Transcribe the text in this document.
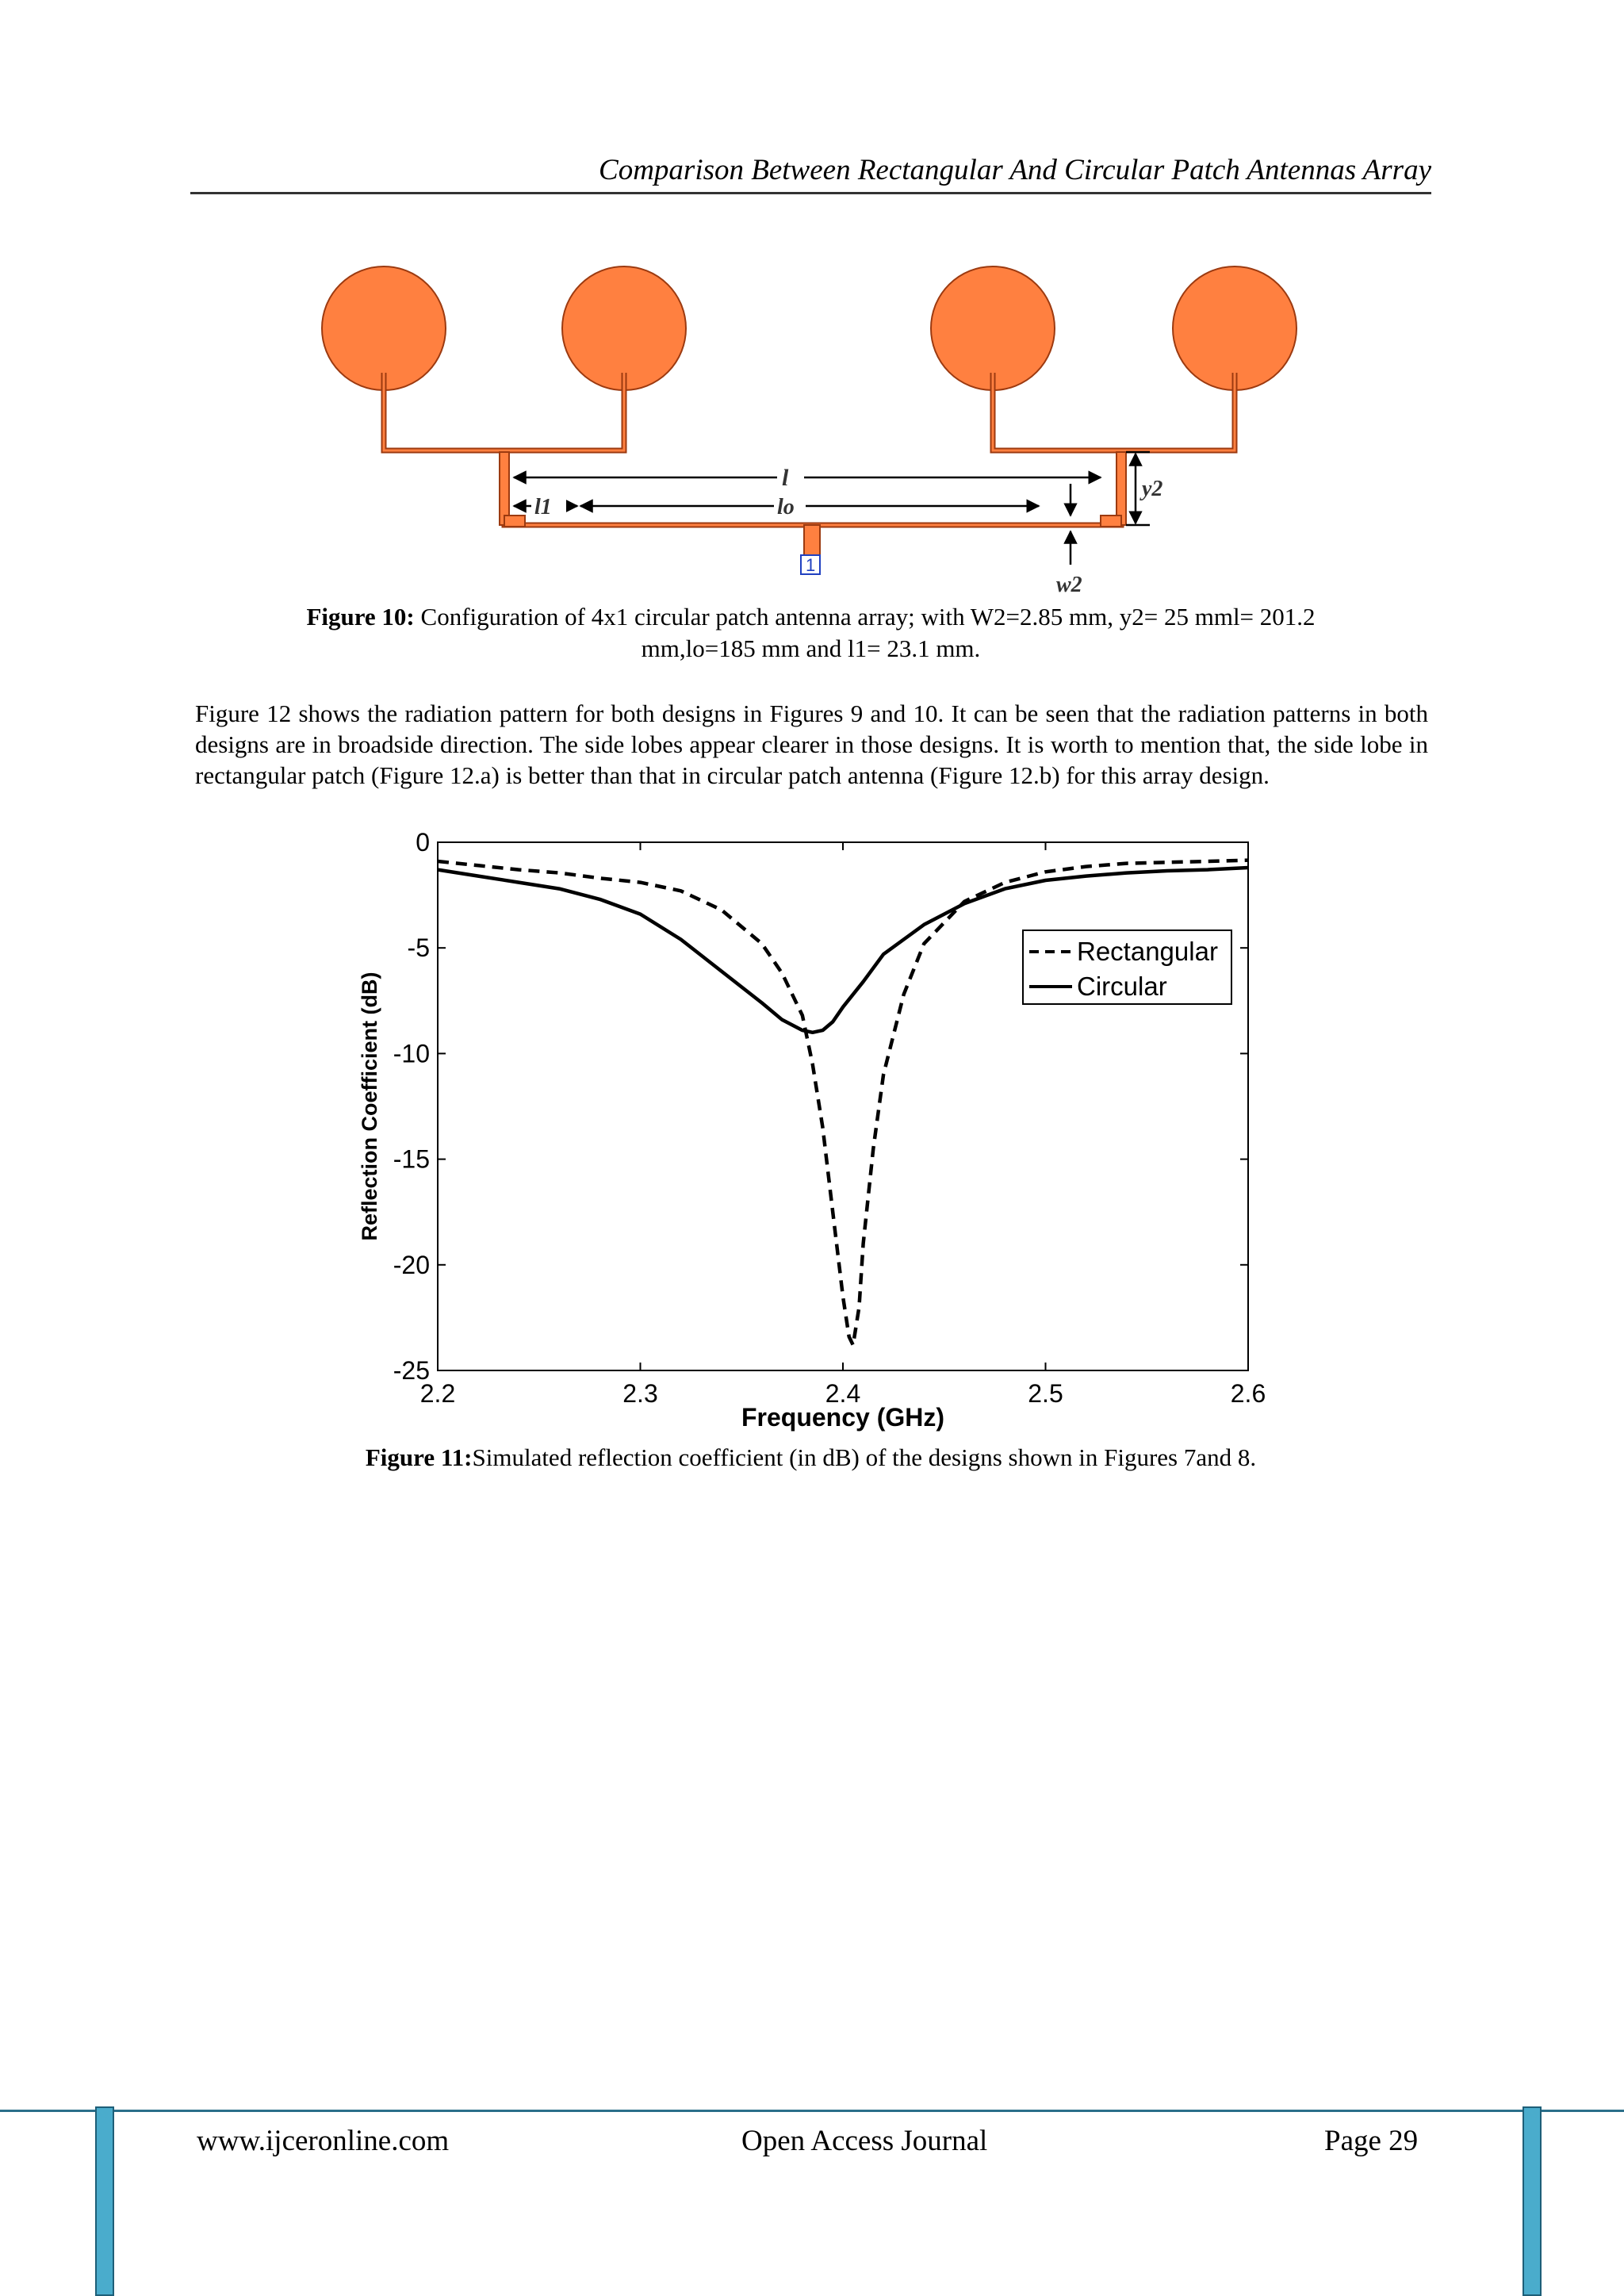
Comparison Between Rectangular And Circular Patch Antennas Array
1
l
lo
l1
y2
w2
Figure 10: Configuration of 4x1 circular patch antenna array; with W2=2.85 mm, y2= 25 mml= 201.2
mm,lo=185 mm and l1= 23.1 mm.
Figure 12 shows the radiation pattern for both designs in Figures 9 and 10. It can be seen that the radiation patterns in both designs are in broadside direction. The side lobes appear clearer in those designs. It is worth to mention that, the side lobe in rectangular patch (Figure 12.a) is better than that in circular patch antenna (Figure 12.b) for this array design.
2.2	2.3	2.4	2.5	2.6
0
-5
-10
-15
-20
-25
Reflection Coefficient (dB)
Frequency (GHz)
Rectangular
Circular
Figure 11:Simulated reflection coefficient (in dB) of the designs shown in Figures 7and 8.
www.ijceronline.com	Open Access Journal	Page 29
